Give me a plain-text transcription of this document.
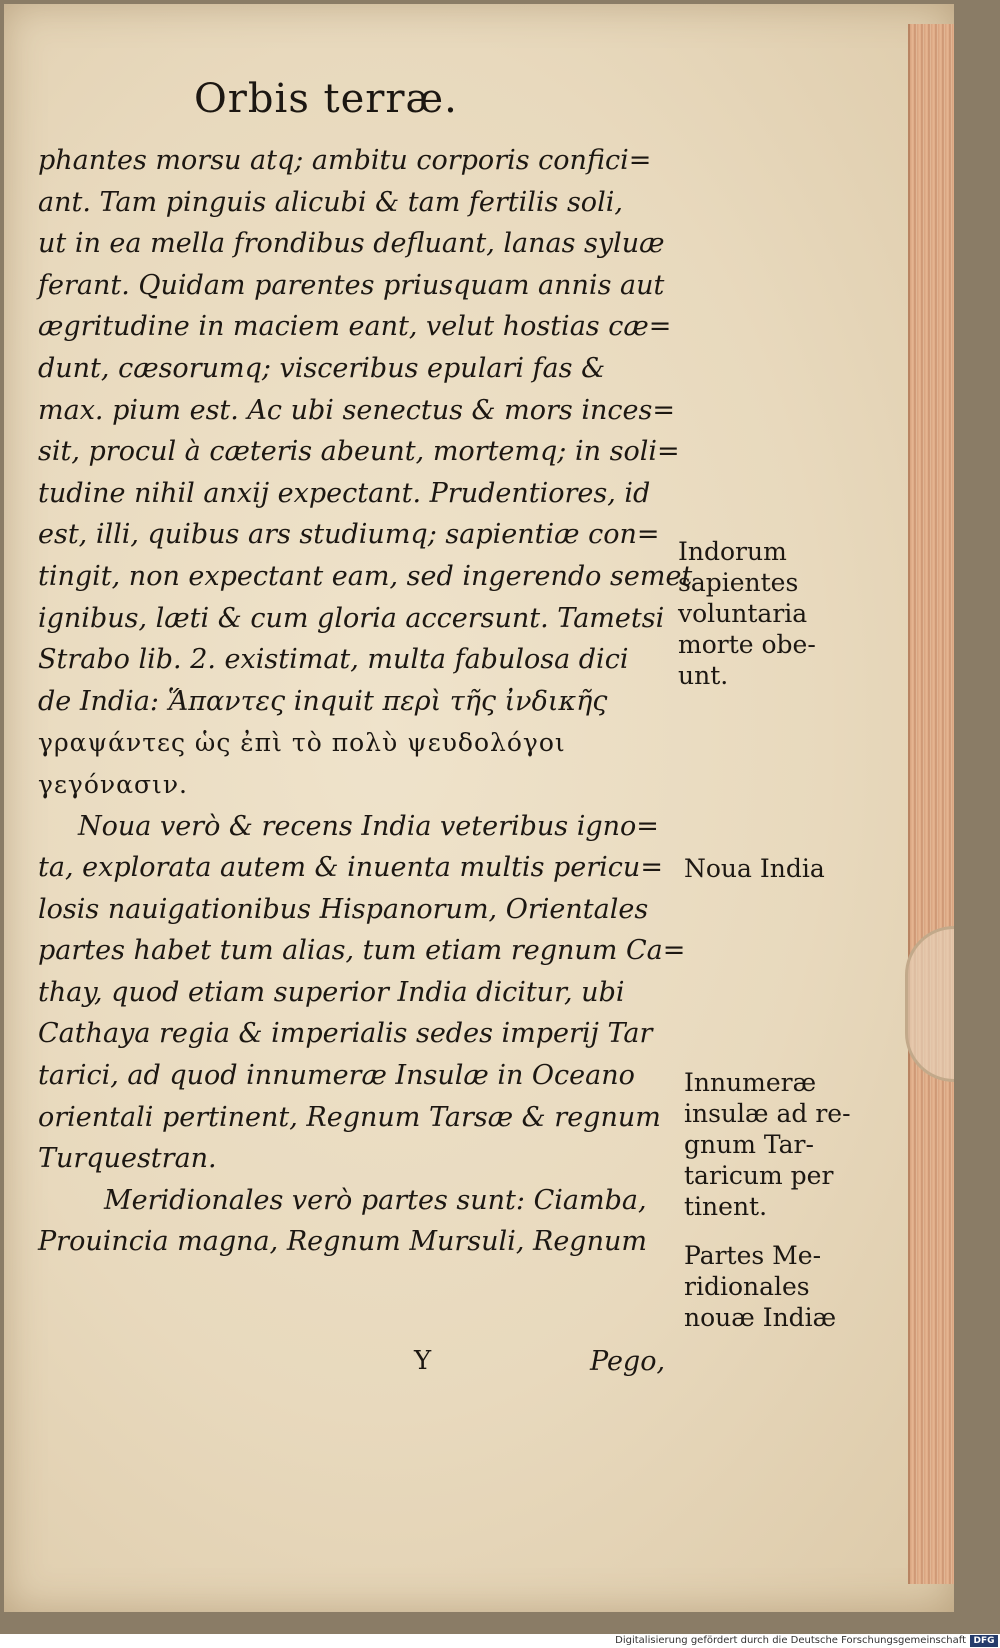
Orbis terræ.
phantes morsu atq; ambitu corporis confici=
ant. Tam pinguis alicubi & tam fertilis soli,
ut in ea mella frondibus defluant, lanas syluæ
ferant. Quidam parentes priusquam annis aut
ægritudine in maciem eant, velut hostias cæ=
dunt, cæsorumq; visceribus epulari fas &
max. pium est. Ac ubi senectus & mors inces=
sit, procul à cæteris abeunt, mortemq; in soli=
tudine nihil anxij expectant. Prudentiores, id
est, illi, quibus ars studiumq; sapientiæ con=
tingit, non expectant eam, sed ingerendo semet
ignibus, læti & cum gloria accersunt. Tametsi
Strabo lib. 2. existimat, multa fabulosa dici
de India: Ἅπαντες inquit περὶ τῆς ἰνδικῆς
γραψάντες ὡς ἐπὶ τὸ πολὺ ψευδολόγοι
γεγόνασιν.
Noua verò & recens India veteribus igno=
ta, explorata autem & inuenta multis pericu=
losis nauigationibus Hispanorum, Orientales
partes habet tum alias, tum etiam regnum Ca=
thay, quod etiam superior India dicitur, ubi
Cathaya regia & imperialis sedes imperij Tar
tarici, ad quod innumeræ Insulæ in Oceano
orientali pertinent, Regnum Tarsæ & regnum
Turquestran.
Meridionales verò partes sunt: Ciamba,
Prouincia magna, Regnum Mursuli, Regnum
Indorum
sapientes
voluntaria
morte obe-
unt.
Noua India
Innumeræ
insulæ ad re-
gnum Tar-
taricum per
tinent.
Partes Me-
ridionales
nouæ Indiæ
Y	Pego,
Digitalisierung gefördert durch die Deutsche Forschungsgemeinschaft DFG
